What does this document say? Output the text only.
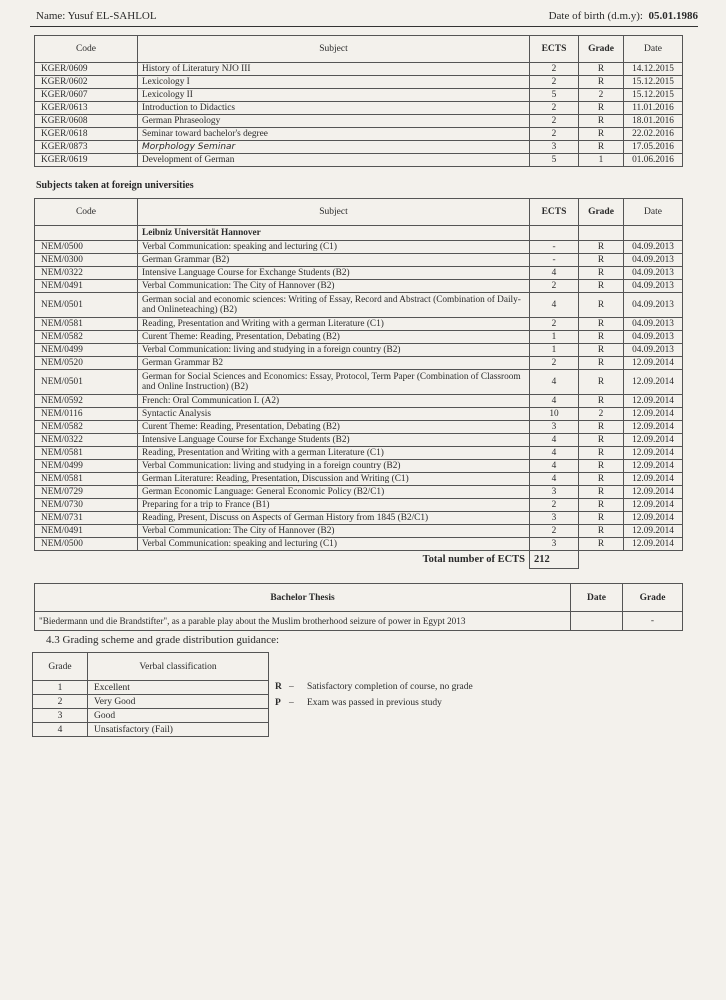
Name: Yusuf EL-SAHLOL	Date of birth (d.m.y): 05.01.1986
Code	Subject	ECTS	Grade	Date
KGER/0609	History of Literatury NJO III	2	R	14.12.2015
KGER/0602	Lexicology I	2	R	15.12.2015
KGER/0607	Lexicology II	5	2	15.12.2015
KGER/0613	Introduction to Didactics	2	R	11.01.2016
KGER/0608	German Phraseology	2	R	18.01.2016
KGER/0618	Seminar toward bachelor's degree	2	R	22.02.2016
KGER/0873	Morphology Seminar	3	R	17.05.2016
KGER/0619	Development of German	5	1	01.06.2016
Subjects taken at foreign universities
Code	Subject	ECTS	Grade	Date
	Leibniz Universität Hannover			
NEM/0500	Verbal Communication: speaking and lecturing (C1)	-	R	04.09.2013
NEM/0300	German Grammar (B2)	-	R	04.09.2013
NEM/0322	Intensive Language Course for Exchange Students (B2)	4	R	04.09.2013
NEM/0491	Verbal Communication: The City of Hannover (B2)	2	R	04.09.2013
NEM/0501	German social and economic sciences: Writing of Essay, Record and Abstract (Combination of Daily- and Onlineteaching) (B2)	4	R	04.09.2013
NEM/0581	Reading, Presentation and Writing with a german Literature (C1)	2	R	04.09.2013
NEM/0582	Curent Theme: Reading, Presentation, Debating (B2)	1	R	04.09.2013
NEM/0499	Verbal Communication: living and studying in a foreign country (B2)	1	R	04.09.2013
NEM/0520	German Grammar B2	2	R	12.09.2014
NEM/0501	German for Social Sciences and Economics: Essay, Protocol, Term Paper (Combination of Classroom and Online Instruction) (B2)	4	R	12.09.2014
NEM/0592	French: Oral Communication I. (A2)	4	R	12.09.2014
NEM/0116	Syntactic Analysis	10	2	12.09.2014
NEM/0582	Curent Theme: Reading, Presentation, Debating (B2)	3	R	12.09.2014
NEM/0322	Intensive Language Course for Exchange Students (B2)	4	R	12.09.2014
NEM/0581	Reading, Presentation and Writing with a german Literature (C1)	4	R	12.09.2014
NEM/0499	Verbal Communication: living and studying in a foreign country (B2)	4	R	12.09.2014
NEM/0581	German Literature: Reading, Presentation, Discussion and Writing (C1)	4	R	12.09.2014
NEM/0729	German Economic Language: General Economic Policy (B2/C1)	3	R	12.09.2014
NEM/0730	Preparing for a trip to France (B1)	2	R	12.09.2014
NEM/0731	Reading, Present, Discuss on Aspects of German History from 1845 (B2/C1)	3	R	12.09.2014
NEM/0491	Verbal Communication: The City of Hannover (B2)	2	R	12.09.2014
NEM/0500	Verbal Communication: speaking and lecturing (C1)	3	R	12.09.2014
Total number of ECTS		212		
Bachelor Thesis	Date	Grade
"Biedermann und die Brandstifter", as a parable play about the Muslim brotherhood seizure of power in Egypt 2013		-
4.3 Grading scheme and grade distribution guidance:
Grade	Verbal classification
1	Excellent
2	Very Good
3	Good
4	Unsatisfactory (Fail)
R – Satisfactory completion of course, no grade
P – Exam was passed in previous study
